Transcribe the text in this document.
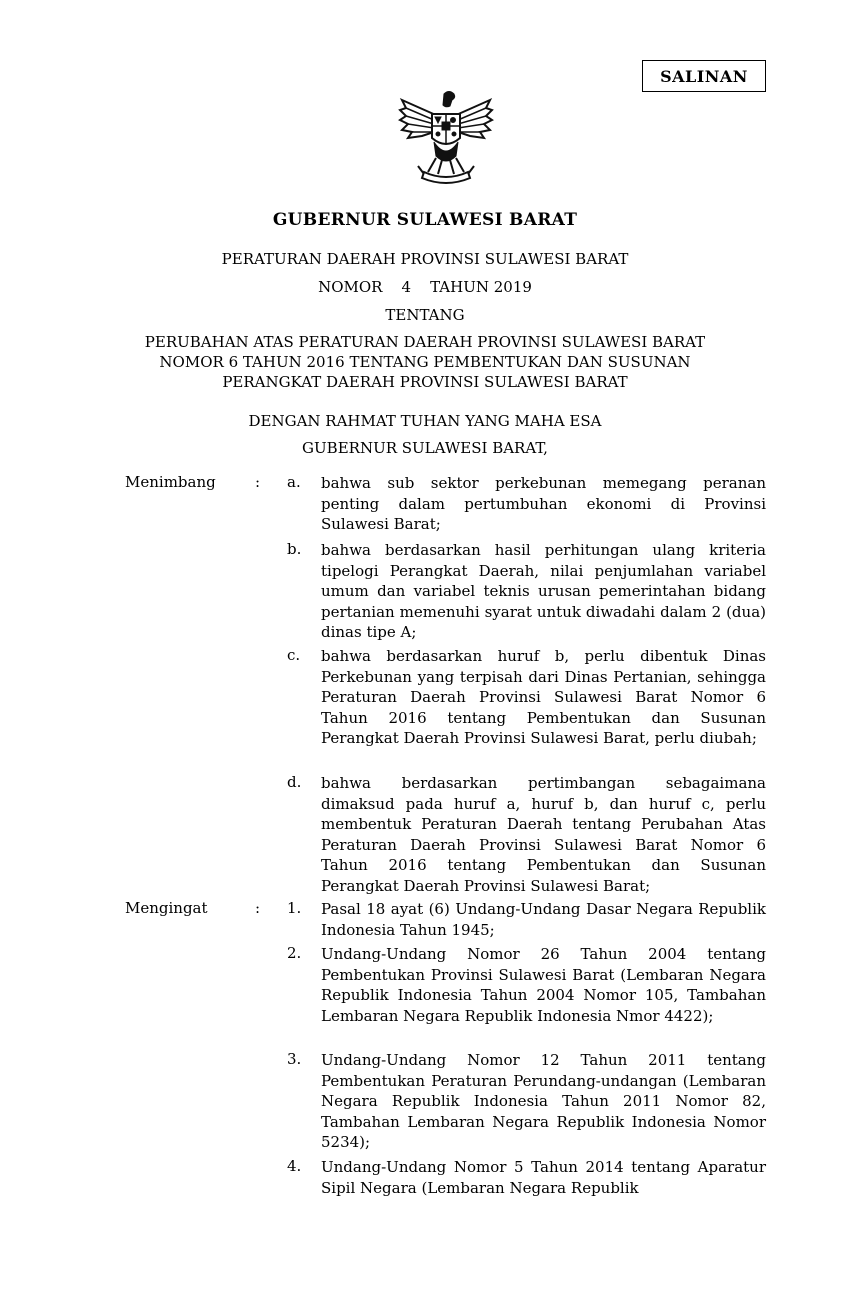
SALINAN
GUBERNUR SULAWESI BARAT
PERATURAN DAERAH PROVINSI SULAWESI BARAT
NOMOR    4    TAHUN 2019
TENTANG
PERUBAHAN ATAS PERATURAN DAERAH PROVINSI SULAWESI BARAT
NOMOR 6 TAHUN 2016 TENTANG PEMBENTUKAN DAN SUSUNAN
PERANGKAT DAERAH PROVINSI SULAWESI BARAT
DENGAN RAHMAT TUHAN YANG MAHA ESA
GUBERNUR SULAWESI BARAT,
Menimbang	: a.	bahwa sub sektor perkebunan memegang peranan penting dalam pertumbuhan ekonomi di Provinsi Sulawesi Barat;

b.	bahwa berdasarkan hasil perhitungan ulang kriteria tipelogi Perangkat Daerah, nilai penjumlahan variabel umum dan variabel teknis urusan pemerintahan bidang pertanian memenuhi syarat untuk diwadahi dalam 2 (dua) dinas tipe A;

c.	bahwa berdasarkan huruf b, perlu dibentuk Dinas Perkebunan yang terpisah dari Dinas Pertanian, sehingga Peraturan Daerah Provinsi Sulawesi Barat Nomor 6 Tahun 2016 tentang Pembentukan dan Susunan Perangkat Daerah Provinsi Sulawesi Barat, perlu diubah;

d.	bahwa berdasarkan pertimbangan sebagaimana dimaksud pada huruf a, huruf b, dan huruf c, perlu membentuk Peraturan Daerah tentang Perubahan Atas Peraturan Daerah Provinsi Sulawesi Barat Nomor 6 Tahun 2016 tentang Pembentukan dan Susunan Perangkat Daerah Provinsi Sulawesi Barat;

Mengingat	: 1.	Pasal 18 ayat (6) Undang-Undang Dasar Negara Republik Indonesia Tahun 1945;

2.	Undang-Undang Nomor 26 Tahun 2004 tentang Pembentukan Provinsi Sulawesi Barat (Lembaran Negara Republik Indonesia Tahun 2004 Nomor 105, Tambahan Lembaran Negara Republik Indonesia Nmor 4422);

3.	Undang-Undang Nomor 12 Tahun 2011 tentang Pembentukan Peraturan Perundang-undangan (Lembaran Negara Republik Indonesia Tahun 2011 Nomor 82, Tambahan Lembaran Negara Republik Indonesia Nomor 5234);

4.	Undang-Undang Nomor 5 Tahun 2014 tentang Aparatur Sipil Negara (Lembaran Negara Republik
